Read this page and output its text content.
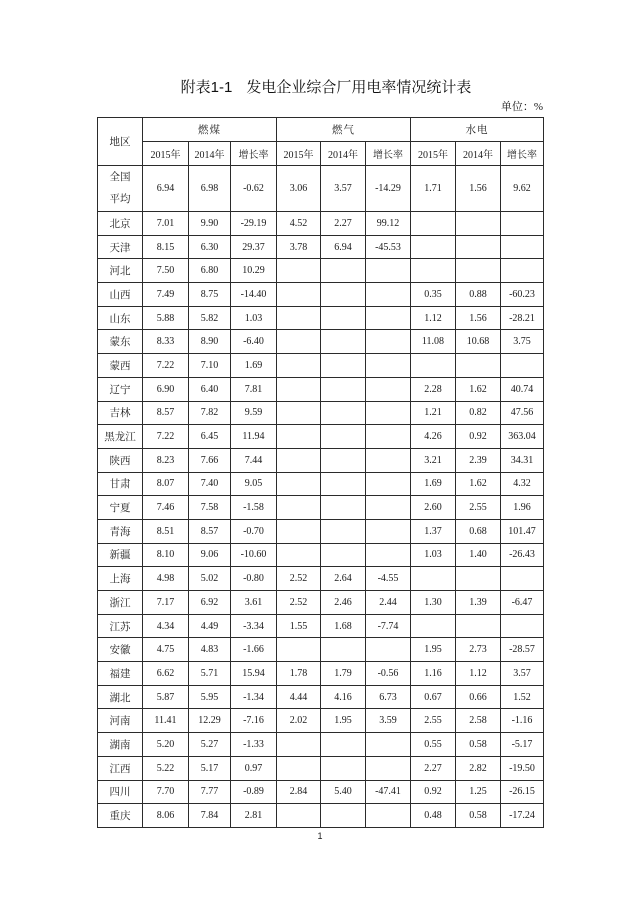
附表1-1 发电企业综合厂用电率情况统计表
单位：%
地区	燃煤			燃气			水电		
	2015年	2014年	增长率	2015年	2014年	增长率	2015年	2014年	增长率
全国
平均	6.94	6.98	-0.62	3.06	3.57	-14.29	1.71	1.56	9.62
北京	7.01	9.90	-29.19	4.52	2.27	99.12			
天津	8.15	6.30	29.37	3.78	6.94	-45.53			
河北	7.50	6.80	10.29						
山西	7.49	8.75	-14.40				0.35	0.88	-60.23
山东	5.88	5.82	1.03				1.12	1.56	-28.21
蒙东	8.33	8.90	-6.40				11.08	10.68	3.75
蒙西	7.22	7.10	1.69						
辽宁	6.90	6.40	7.81				2.28	1.62	40.74
吉林	8.57	7.82	9.59				1.21	0.82	47.56
黑龙江	7.22	6.45	11.94				4.26	0.92	363.04
陕西	8.23	7.66	7.44				3.21	2.39	34.31
甘肃	8.07	7.40	9.05				1.69	1.62	4.32
宁夏	7.46	7.58	-1.58				2.60	2.55	1.96
青海	8.51	8.57	-0.70				1.37	0.68	101.47
新疆	8.10	9.06	-10.60				1.03	1.40	-26.43
上海	4.98	5.02	-0.80	2.52	2.64	-4.55			
浙江	7.17	6.92	3.61	2.52	2.46	2.44	1.30	1.39	-6.47
江苏	4.34	4.49	-3.34	1.55	1.68	-7.74			
安徽	4.75	4.83	-1.66				1.95	2.73	-28.57
福建	6.62	5.71	15.94	1.78	1.79	-0.56	1.16	1.12	3.57
湖北	5.87	5.95	-1.34	4.44	4.16	6.73	0.67	0.66	1.52
河南	11.41	12.29	-7.16	2.02	1.95	3.59	2.55	2.58	-1.16
湖南	5.20	5.27	-1.33				0.55	0.58	-5.17
江西	5.22	5.17	0.97				2.27	2.82	-19.50
四川	7.70	7.77	-0.89	2.84	5.40	-47.41	0.92	1.25	-26.15
重庆	8.06	7.84	2.81				0.48	0.58	-17.24
1
